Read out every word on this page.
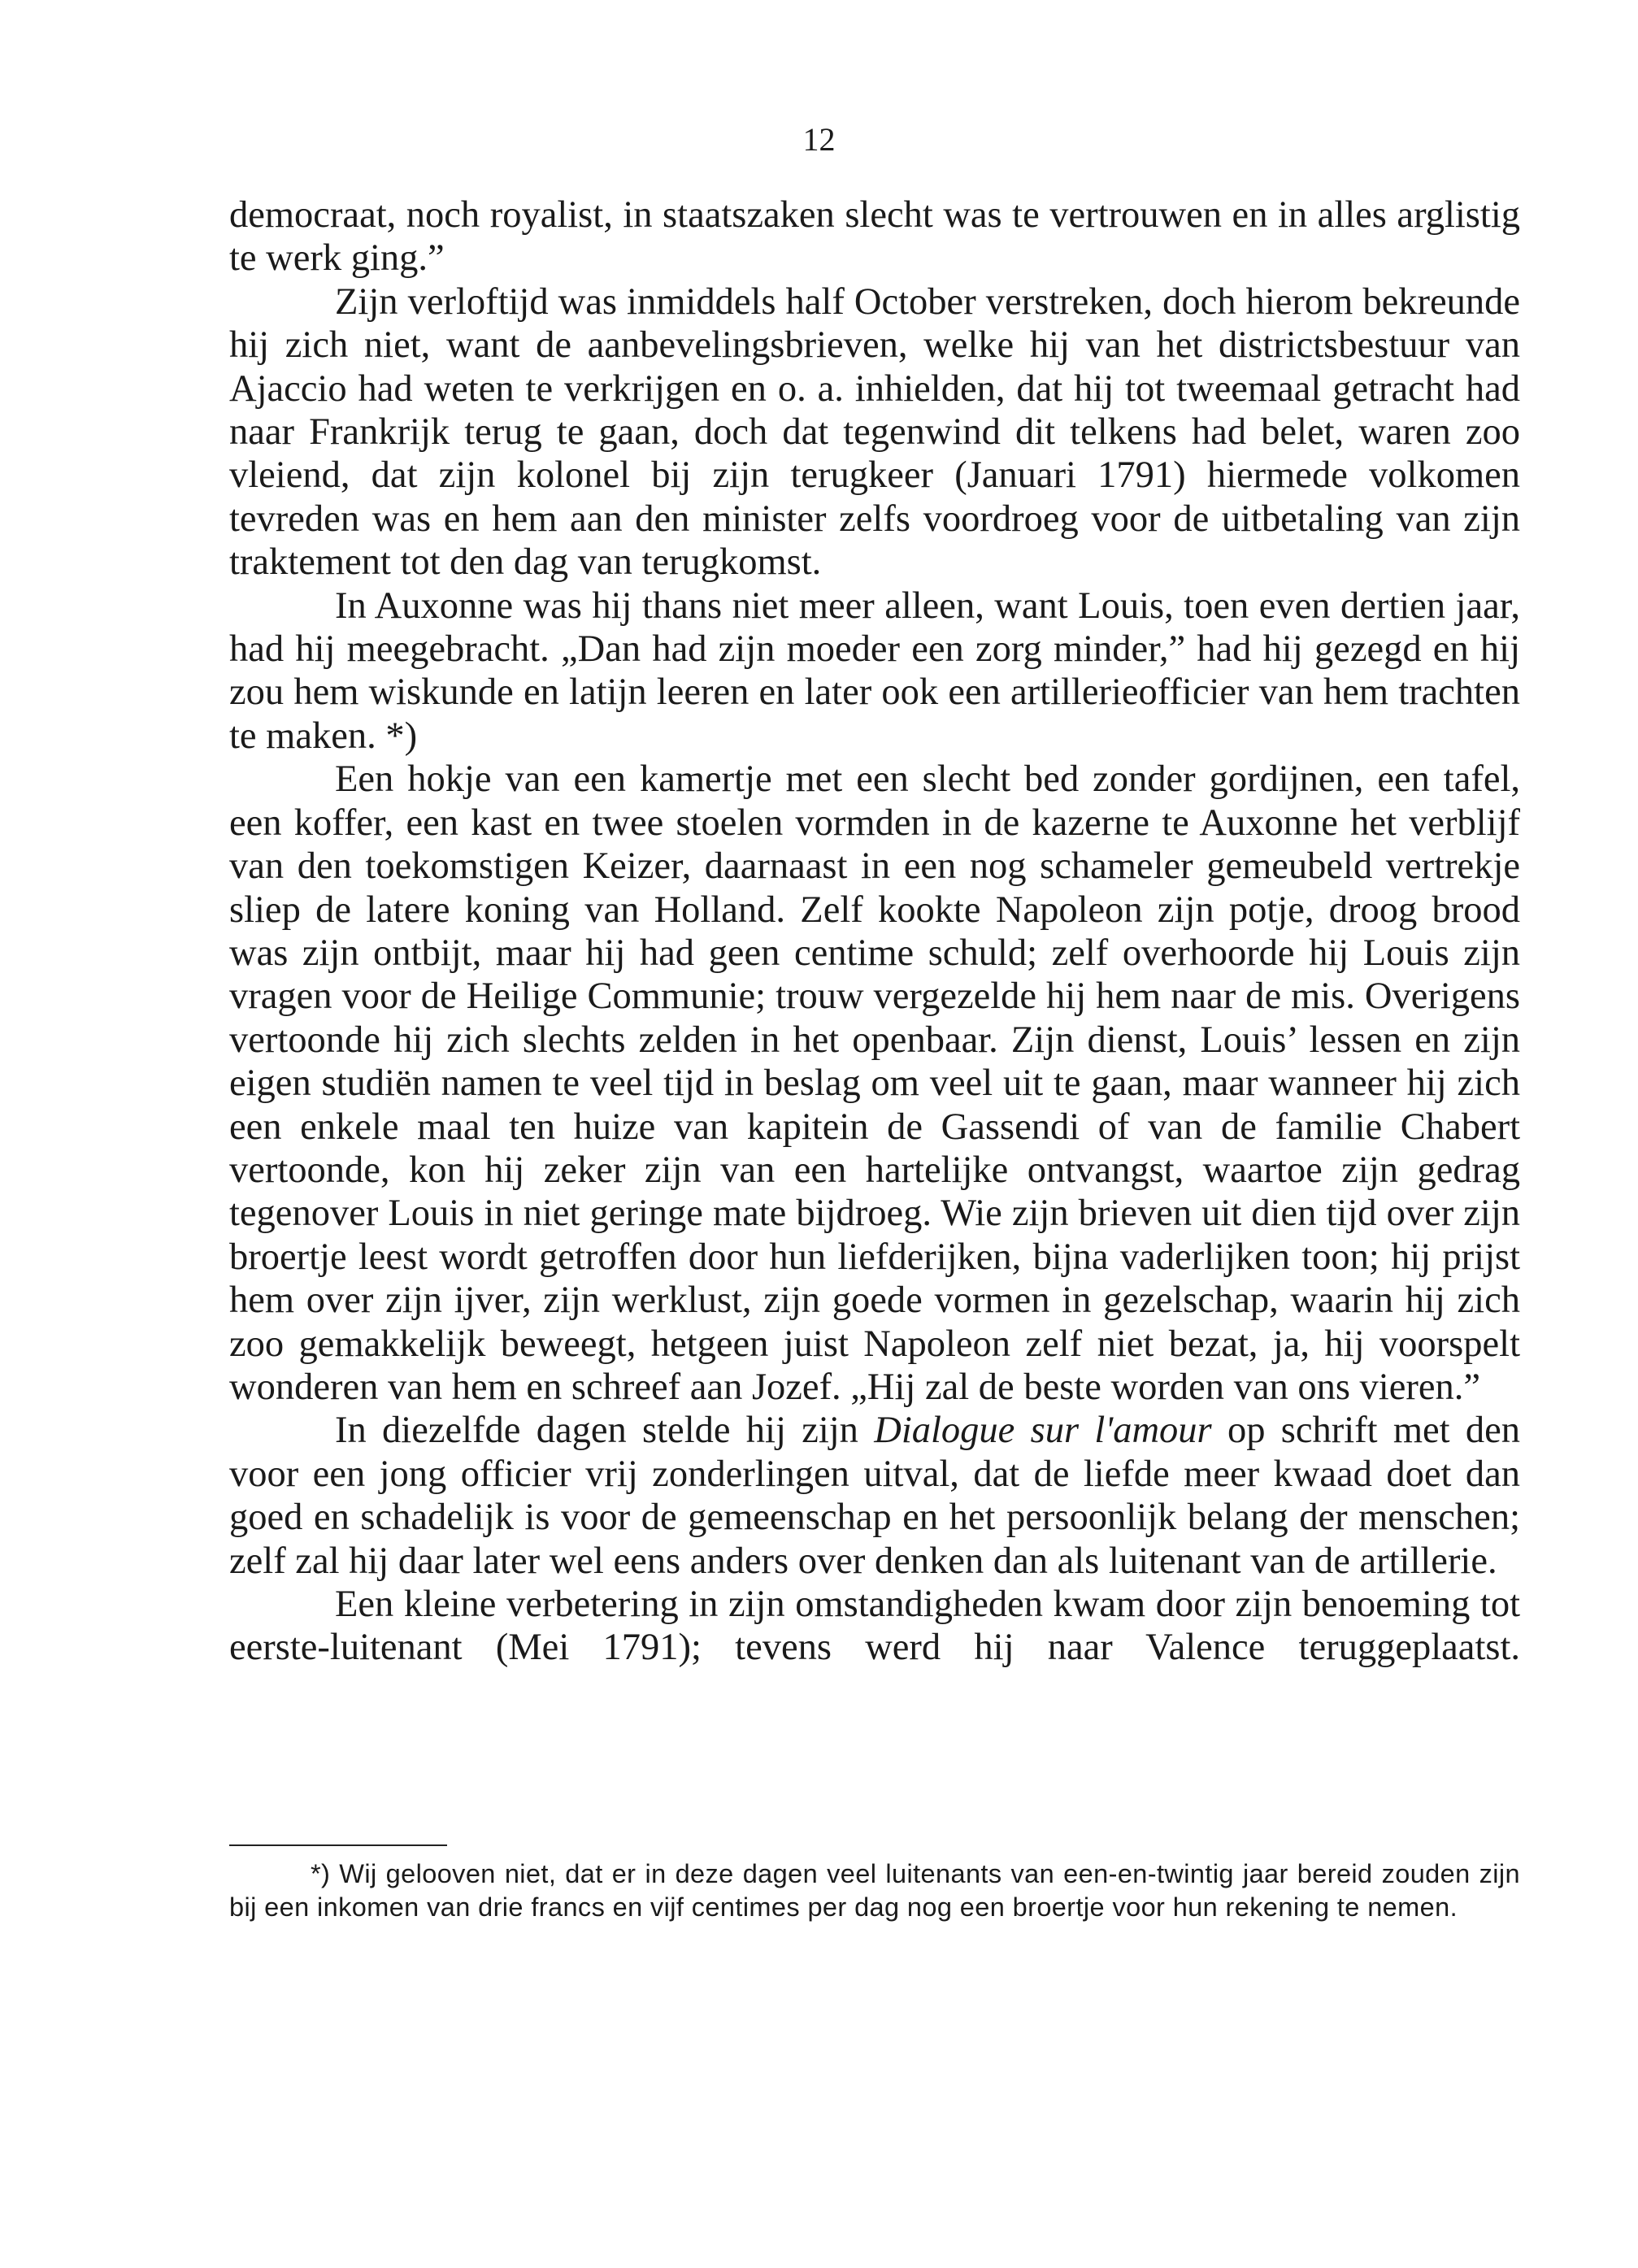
12

democraat, noch royalist, in staatszaken slecht was te vertrouwen en in alles arglistig te werk ging.”

Zijn verloftijd was inmiddels half October verstreken, doch hierom bekreunde hij zich niet, want de aanbevelingsbrieven, welke hij van het districtsbestuur van Ajaccio had weten te verkrijgen en o. a. inhielden, dat hij tot tweemaal getracht had naar Frankrijk terug te gaan, doch dat tegenwind dit telkens had belet, waren zoo vleiend, dat zijn kolonel bij zijn terugkeer (Januari 1791) hiermede volkomen tevreden was en hem aan den minister zelfs voordroeg voor de uitbetaling van zijn traktement tot den dag van terugkomst.

In Auxonne was hij thans niet meer alleen, want Louis, toen even dertien jaar, had hij meegebracht. „Dan had zijn moeder een zorg minder,” had hij gezegd en hij zou hem wiskunde en latijn leeren en later ook een artillerieofficier van hem trachten te maken. *)

Een hokje van een kamertje met een slecht bed zonder gordijnen, een tafel, een koffer, een kast en twee stoelen vormden in de kazerne te Auxonne het verblijf van den toekomstigen Keizer, daarnaast in een nog schameler gemeubeld vertrekje sliep de latere koning van Holland. Zelf kookte Napoleon zijn potje, droog brood was zijn ontbijt, maar hij had geen centime schuld; zelf overhoorde hij Louis zijn vragen voor de Heilige Communie; trouw vergezelde hij hem naar de mis. Overigens vertoonde hij zich slechts zelden in het openbaar. Zijn dienst, Louis’ lessen en zijn eigen studiën namen te veel tijd in beslag om veel uit te gaan, maar wanneer hij zich een enkele maal ten huize van kapitein de Gassendi of van de familie Chabert vertoonde, kon hij zeker zijn van een hartelijke ontvangst, waartoe zijn gedrag tegenover Louis in niet geringe mate bijdroeg. Wie zijn brieven uit dien tijd over zijn broertje leest wordt getroffen door hun liefderijken, bijna vaderlijken toon; hij prijst hem over zijn ijver, zijn werklust, zijn goede vormen in gezelschap, waarin hij zich zoo gemakkelijk beweegt, hetgeen juist Napoleon zelf niet bezat, ja, hij voorspelt wonderen van hem en schreef aan Jozef. „Hij zal de beste worden van ons vieren.”

In diezelfde dagen stelde hij zijn Dialogue sur l'amour op schrift met den voor een jong officier vrij zonderlingen uitval, dat de liefde meer kwaad doet dan goed en schadelijk is voor de gemeenschap en het persoonlijk belang der menschen; zelf zal hij daar later wel eens anders over denken dan als luitenant van de artillerie.

Een kleine verbetering in zijn omstandigheden kwam door zijn benoeming tot eerste-luitenant (Mei 1791); tevens werd hij naar Valence teruggeplaatst.

*) Wij gelooven niet, dat er in deze dagen veel luitenants van een-en-twintig jaar bereid zouden zijn bij een inkomen van drie francs en vijf centimes per dag nog een broertje voor hun rekening te nemen.
